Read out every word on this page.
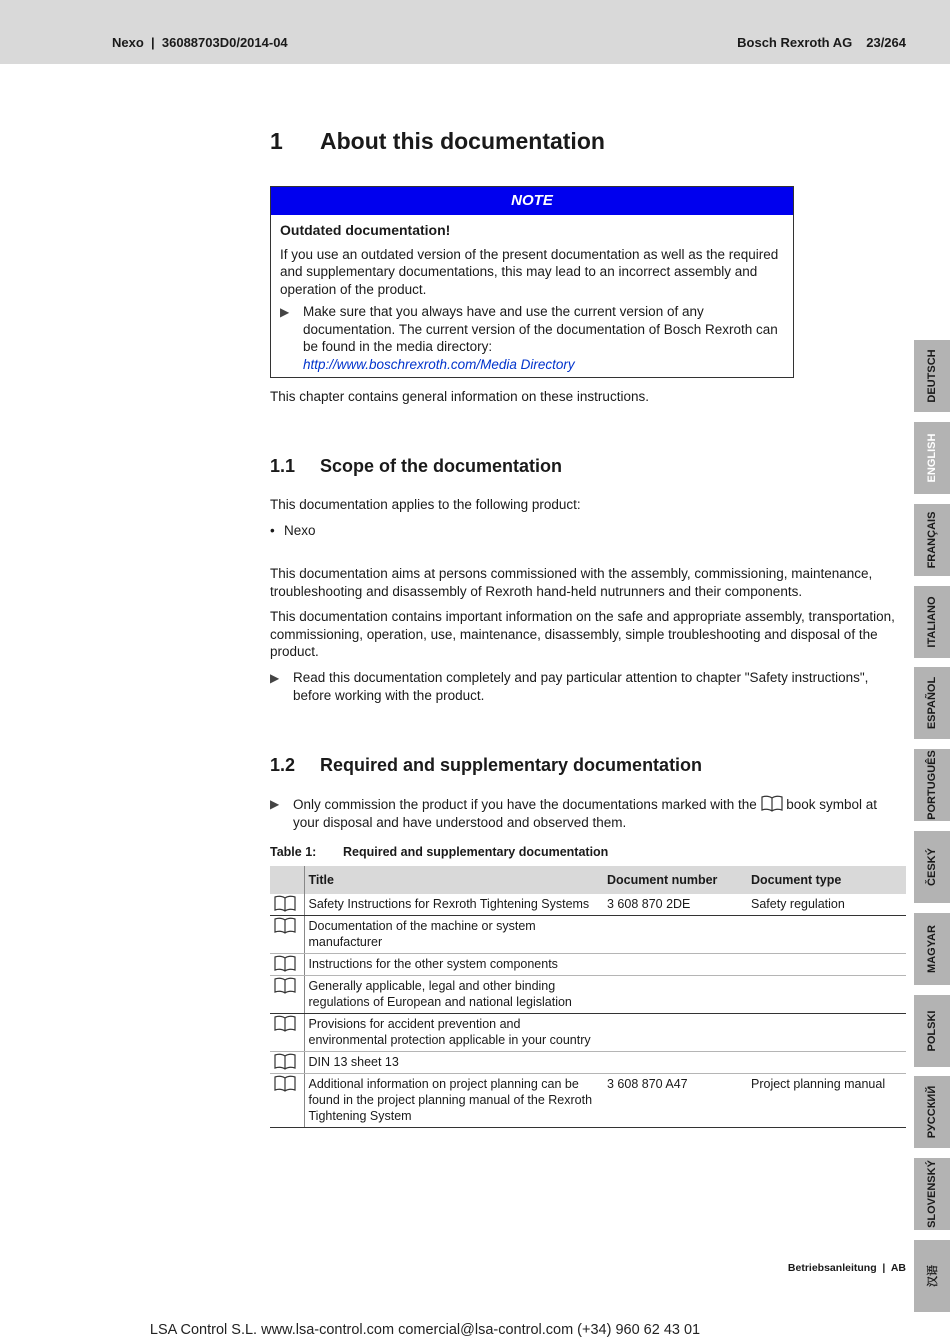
Nexo  |  36088703D0/2014-04	Bosch Rexroth AG 23/264
1 About this documentation
NOTE
Outdated documentation!
If you use an outdated version of the present documentation as well as the required and supplementary documentations, this may lead to an incorrect assembly and operation of the product.
▶ Make sure that you always have and use the current version of any documentation. The current version of the documentation of Bosch Rexroth can be found in the media directory:
http://www.boschrexroth.com/Media Directory
This chapter contains general information on these instructions.
1.1 Scope of the documentation
This documentation applies to the following product:
• Nexo
This documentation aims at persons commissioned with the assembly, commissioning, maintenance, troubleshooting and disassembly of Rexroth hand-held nutrunners and their components.
This documentation contains important information on the safe and appropriate assembly, transportation, commissioning, operation, use, maintenance, disassembly, simple troubleshooting and disposal of the product.
▶ Read this documentation completely and pay particular attention to chapter "Safety instructions", before working with the product.
1.2 Required and supplementary documentation
▶ Only commission the product if you have the documentations marked with the book symbol at your disposal and have understood and observed them.
Table 1: Required and supplementary documentation
	Title	Document number	Document type
	Safety Instructions for Rexroth Tightening Systems	3 608 870 2DE	Safety regulation
	Documentation of the machine or system manufacturer		
	Instructions for the other system components		
	Generally applicable, legal and other binding regulations of European and national legislation		
	Provisions for accident prevention and environmental protection applicable in your country		
	DIN 13 sheet 13		
	Additional information on project planning can be found in the project planning manual of the Rexroth Tightening System	3 608 870 A47	Project planning manual
DEUTSCH
ENGLISH
FRANÇAIS
ITALIANO
ESPAÑOL
PORTUGUÊS
ČESKÝ
MAGYAR
POLSKI
РУССКИЙ
SLOVENSKÝ
汉语
Betriebsanleitung  |  AB
LSA Control S.L. www.lsa-control.com comercial@lsa-control.com (+34) 960 62 43 01
